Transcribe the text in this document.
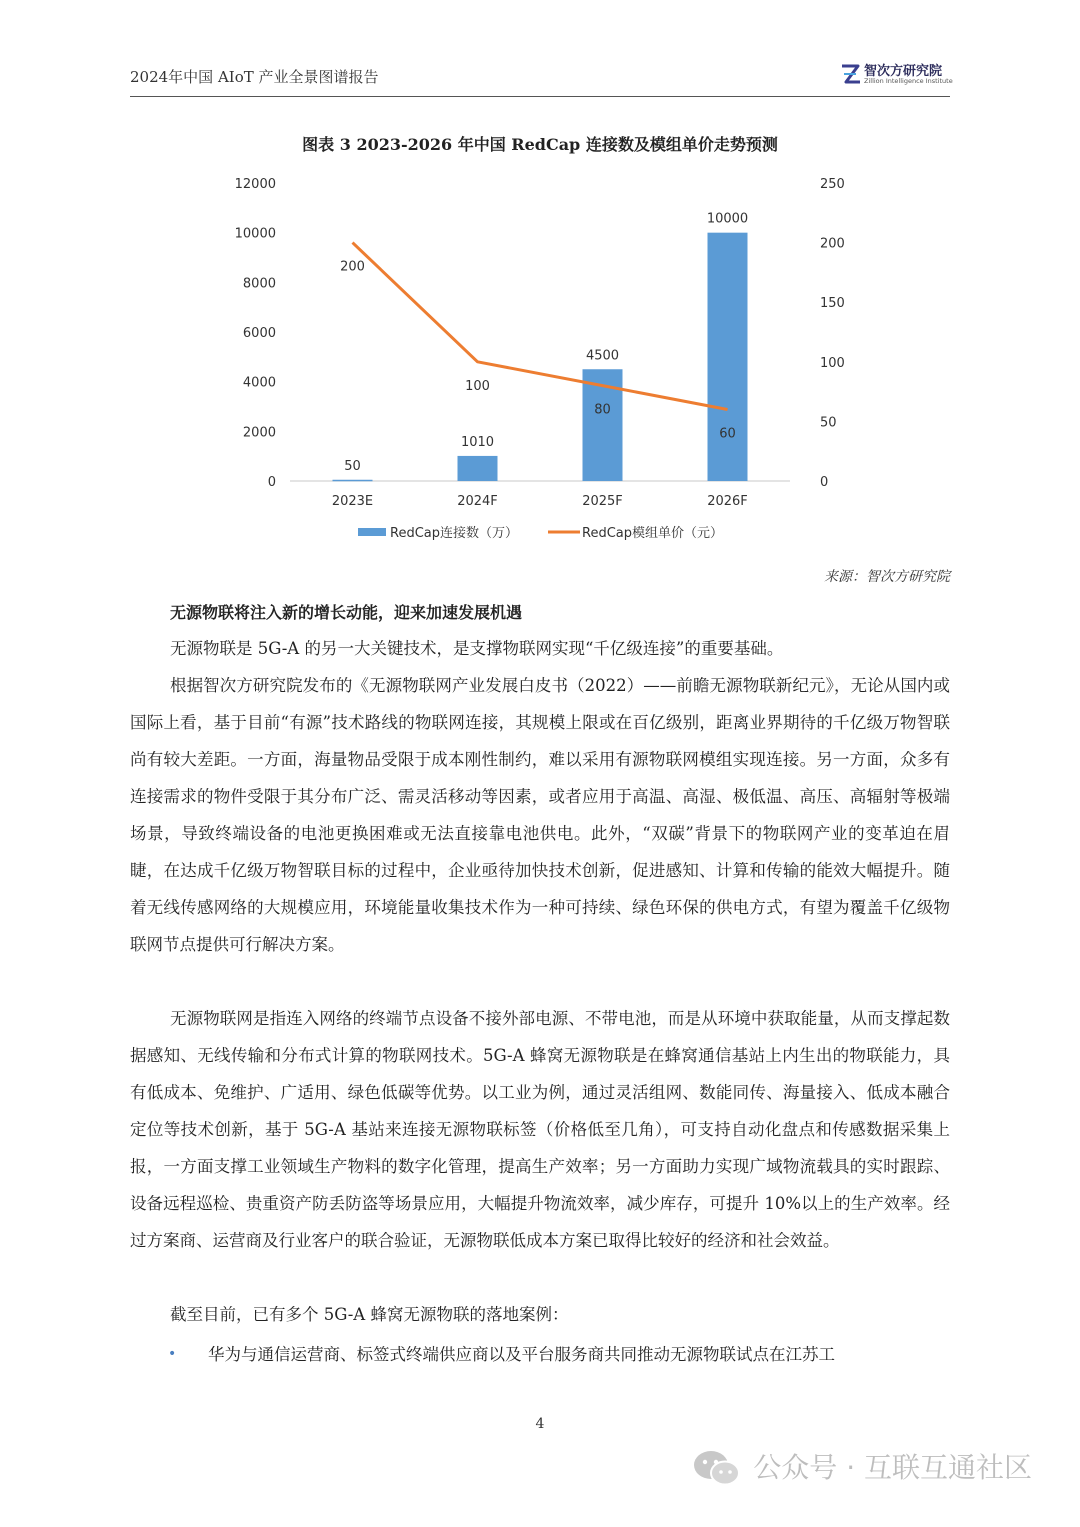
2024年中国 AIoT 产业全景图谱报告	智次方研究院
Zillion Intelligence Institute
图表 3 2023-2026 年中国 RedCap 连接数及模组单价走势预测
0
2000
4000
6000
8000
10000
12000
0
50
100
150
200
250
50
1010
4500
10000
200
100
80
60
2023E	2024F	2025F	2026F
RedCap连接数（万）	RedCap模组单价（元）
来源：智次方研究院
无源物联将注入新的增长动能，迎来加速发展机遇

无源物联是 5G-A 的另一大关键技术，是支撑物联网实现“千亿级连接”的重要基础。

根据智次方研究院发布的《无源物联网产业发展白皮书（2022）——前瞻无源物联新纪元》，无论从国内或国际上看，基于目前“有源”技术路线的物联网连接，其规模上限或在百亿级别，距离业界期待的千亿级万物智联尚有较大差距。一方面，海量物品受限于成本刚性制约，难以采用有源物联网模组实现连接。另一方面，众多有连接需求的物件受限于其分布广泛、需灵活移动等因素，或者应用于高温、高湿、极低温、高压、高辐射等极端场景，导致终端设备的电池更换困难或无法直接靠电池供电。此外，“双碳”背景下的物联网产业的变革迫在眉睫，在达成千亿级万物智联目标的过程中，企业亟待加快技术创新，促进感知、计算和传输的能效大幅提升。随着无线传感网络的大规模应用，环境能量收集技术作为一种可持续、绿色环保的供电方式，有望为覆盖千亿级物联网节点提供可行解决方案。

无源物联网是指连入网络的终端节点设备不接外部电源、不带电池，而是从环境中获取能量，从而支撑起数据感知、无线传输和分布式计算的物联网技术。5G-A 蜂窝无源物联是在蜂窝通信基站上内生出的物联能力，具有低成本、免维护、广适用、绿色低碳等优势。以工业为例，通过灵活组网、数能同传、海量接入、低成本融合定位等技术创新，基于 5G-A 基站来连接无源物联标签（价格低至几角），可支持自动化盘点和传感数据采集上报，一方面支撑工业领域生产物料的数字化管理，提高生产效率；另一方面助力实现广域物流载具的实时跟踪、设备远程巡检、贵重资产防丢防盗等场景应用，大幅提升物流效率，减少库存，可提升 10%以上的生产效率。经过方案商、运营商及行业客户的联合验证，无源物联低成本方案已取得比较好的经济和社会效益。

截至目前，已有多个 5G-A 蜂窝无源物联的落地案例：

• 华为与通信运营商、标签式终端供应商以及平台服务商共同推动无源物联试点在江苏工
4
公众号 · 互联互通社区
